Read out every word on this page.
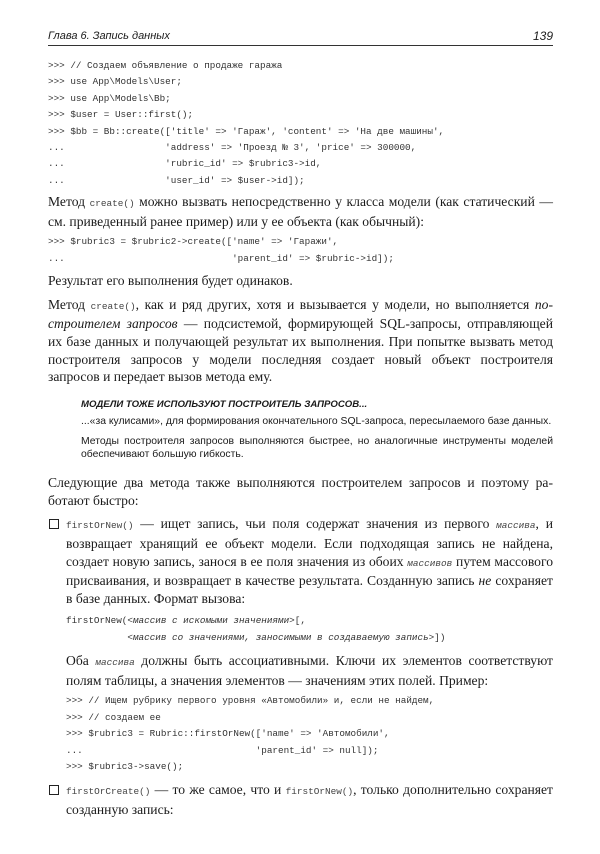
Глава 6. Запись данных	139
>>> // Создаем объявление о продаже гаража
>>> use App\Models\User;
>>> use App\Models\Bb;
>>> $user = User::first();
>>> $bb = Bb::create(['title' => 'Гараж', 'content' => 'На две машины',
...                  'address' => 'Проезд № 3', 'price' => 300000,
...                  'rubric_id' => $rubric3->id,
...                  'user_id' => $user->id]);

Метод create() можно вызвать непосредственно у класса модели (как статический — см. приведенный ранее пример) или у ее объекта (как обычный):

>>> $rubric3 = $rubric2->create(['name' => 'Гаражи',
...                              'parent_id' => $rubric->id]);

Результат его выполнения будет одинаков.

Метод create(), как и ряд других, хотя и вызывается у модели, но выполняется построителем запросов — подсистемой, формирующей SQL-запросы, отправляющей их базе данных и получающей результат их выполнения. При попытке вызвать метод построителя запросов у модели последняя создает новый объект построителя запросов и передает вызов метода ему.

МОДЕЛИ ТОЖЕ ИСПОЛЬЗУЮТ ПОСТРОИТЕЛЬ ЗАПРОСОВ...

...«за кулисами», для формирования окончательного SQL-запроса, пересылаемого базе данных.

Методы построителя запросов выполняются быстрее, но аналогичные инструменты моделей обеспечивают большую гибкость.

Следующие два метода также выполняются построителем запросов и поэтому работают быстро:

firstOrNew() — ищет запись, чьи поля содержат значения из первого массива, и возвращает хранящий ее объект модели. Если подходящая запись не найдена, создает новую запись, занося в ее поля значения из обоих массивов путем массового присваивания, и возвращает в качестве результата. Созданную запись не сохраняет в базе данных. Формат вызова:

firstOrNew(<массив с искомыми значениями>[,
<массив со значениями, заносимыми в создаваемую запись>])

Оба массива должны быть ассоциативными. Ключи их элементов соответствуют полям таблицы, а значения элементов — значениям этих полей. Пример:

>>> // Ищем рубрику первого уровня «Автомобили» и, если не найдем,
>>> // создаем ее
>>> $rubric3 = Rubric::firstOrNew(['name' => 'Автомобили',
...                               'parent_id' => null]);
>>> $rubric3->save();

firstOrCreate() — то же самое, что и firstOrNew(), только дополнительно сохраняет созданную запись:
